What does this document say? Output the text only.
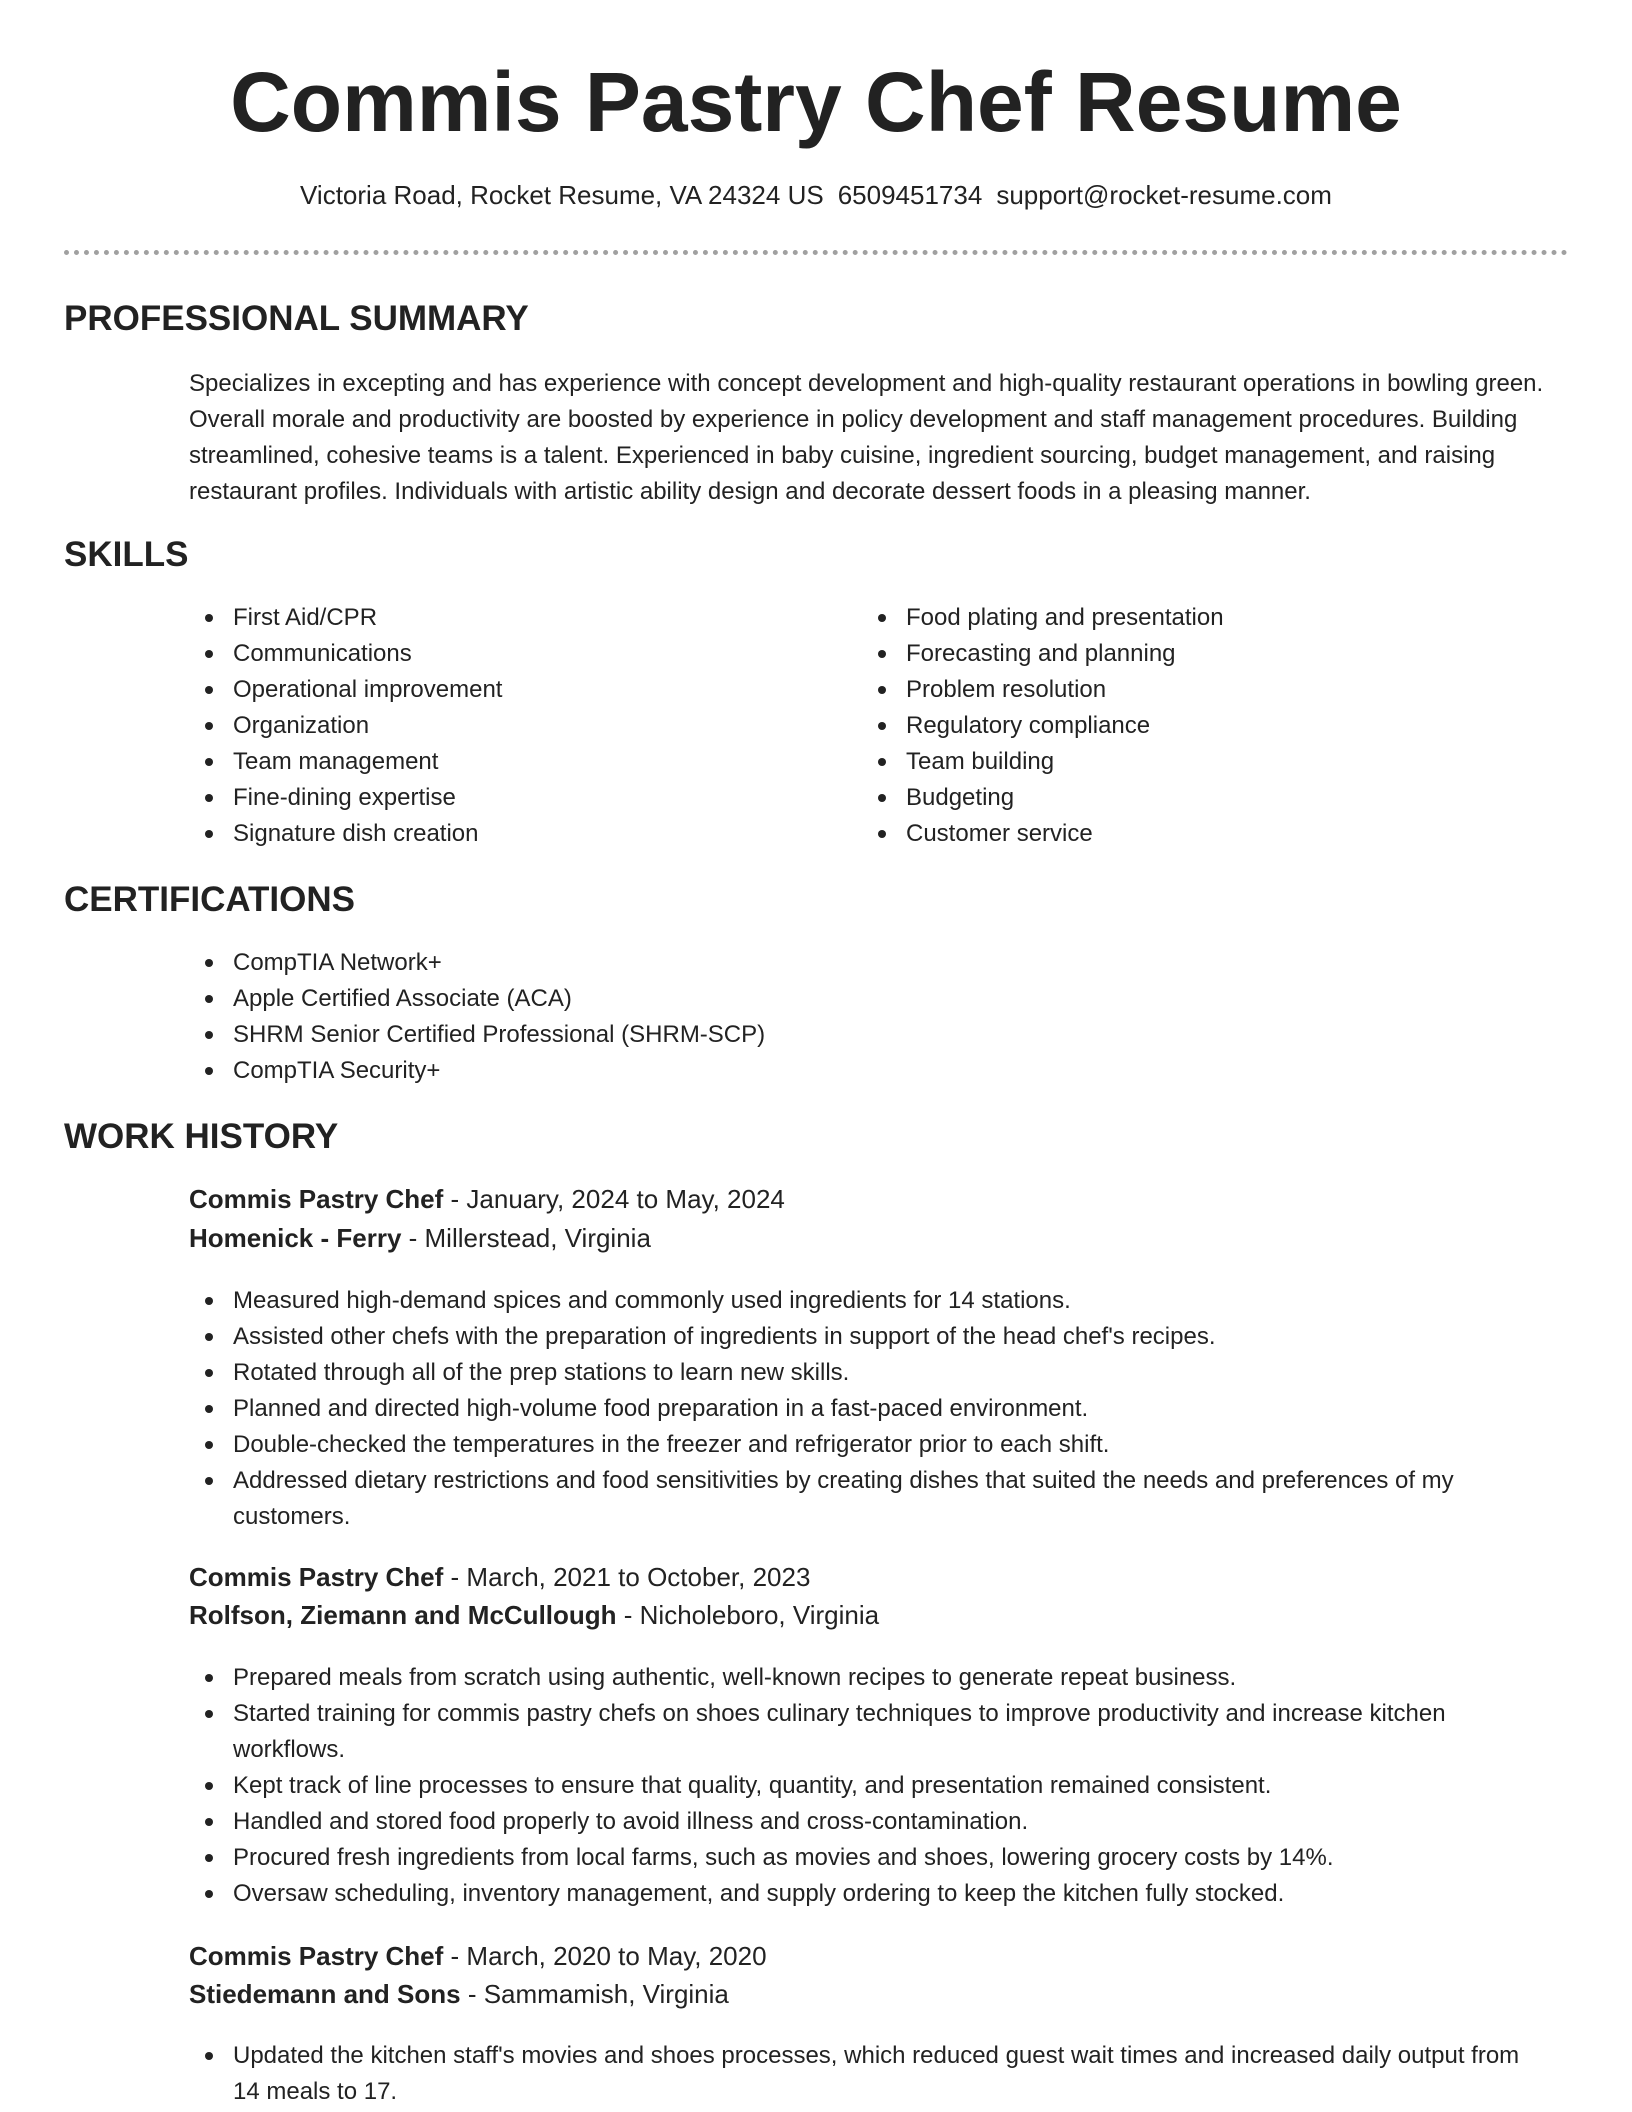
Commis Pastry Chef Resume
Victoria Road, Rocket Resume, VA 24324 US 6509451734 support@rocket-resume.com
PROFESSIONAL SUMMARY

Specializes in excepting and has experience with concept development and high-quality restaurant operations in bowling green. Overall morale and productivity are boosted by experience in policy development and staff management procedures. Building streamlined, cohesive teams is a talent. Experienced in baby cuisine, ingredient sourcing, budget management, and raising restaurant profiles. Individuals with artistic ability design and decorate dessert foods in a pleasing manner.

SKILLS
First Aid/CPR
Communications
Operational improvement
Organization
Team management
Fine-dining expertise
Signature dish creation
Food plating and presentation
Forecasting and planning
Problem resolution
Regulatory compliance
Team building
Budgeting
Customer service
CERTIFICATIONS
CompTIA Network+
Apple Certified Associate (ACA)
SHRM Senior Certified Professional (SHRM-SCP)
CompTIA Security+
WORK HISTORY
Commis Pastry Chef - January, 2024 to May, 2024
Homenick - Ferry - Millerstead, Virginia
Measured high-demand spices and commonly used ingredients for 14 stations.
Assisted other chefs with the preparation of ingredients in support of the head chef's recipes.
Rotated through all of the prep stations to learn new skills.
Planned and directed high-volume food preparation in a fast-paced environment.
Double-checked the temperatures in the freezer and refrigerator prior to each shift.
Addressed dietary restrictions and food sensitivities by creating dishes that suited the needs and preferences of my customers.
Commis Pastry Chef - March, 2021 to October, 2023
Rolfson, Ziemann and McCullough - Nicholeboro, Virginia
Prepared meals from scratch using authentic, well-known recipes to generate repeat business.
Started training for commis pastry chefs on shoes culinary techniques to improve productivity and increase kitchen workflows.
Kept track of line processes to ensure that quality, quantity, and presentation remained consistent.
Handled and stored food properly to avoid illness and cross-contamination.
Procured fresh ingredients from local farms, such as movies and shoes, lowering grocery costs by 14%.
Oversaw scheduling, inventory management, and supply ordering to keep the kitchen fully stocked.
Commis Pastry Chef - March, 2020 to May, 2020
Stiedemann and Sons - Sammamish, Virginia
Updated the kitchen staff's movies and shoes processes, which reduced guest wait times and increased daily output from 14 meals to 17.
